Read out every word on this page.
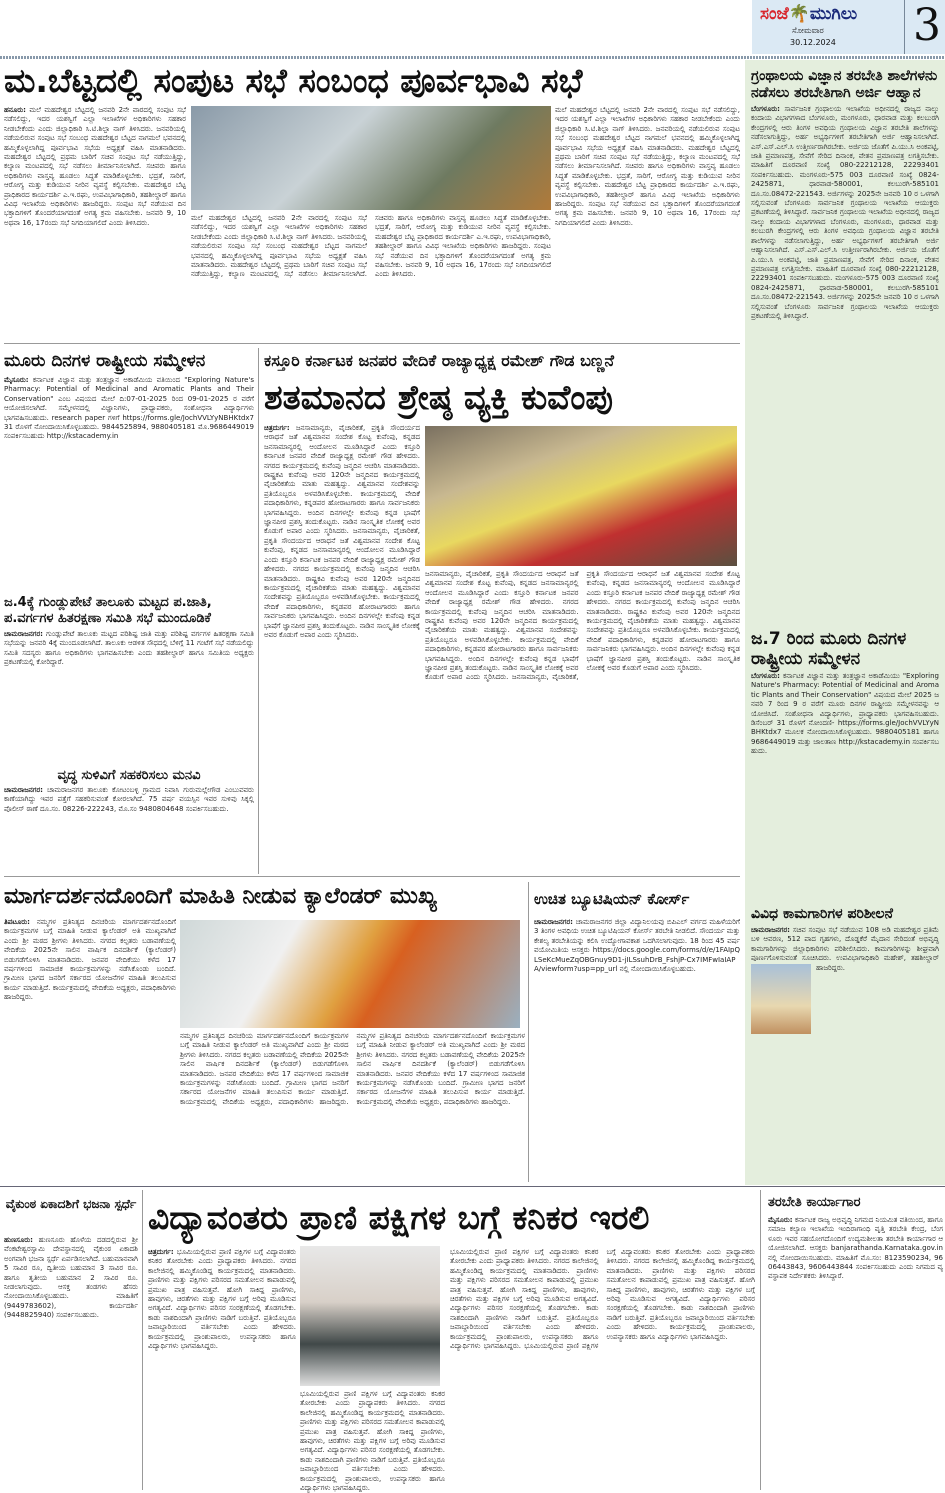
ಸಂಜೆ🌴ಮುಗಿಲು
ಸೋಮವಾರ
30.12.2024 3
ಮ.ಬೆಟ್ಟದಲ್ಲಿ ಸಂಪುಟ ಸಭೆ ಸಂಬಂಧ ಪೂರ್ವಭಾವಿ ಸಭೆ
ಹನೂರು: ಮಲೆ ಮಹದೇಶ್ವರ ಬೆಟ್ಟದಲ್ಲಿ ಜನವರಿ 2ನೇ ವಾರದಲ್ಲಿ ಸಂಪುಟ ಸಭೆ ನಡೆಸಲಿದ್ದು, ಇದರ ಯಶಸ್ವಿಗೆ ಎಲ್ಲಾ ಇಲಾಖೆಗಳ ಅಧಿಕಾರಿಗಳು ಸಹಕಾರ ನೀಡಬೇಕೆಂದು ಎಂದು ಜಿಲ್ಲಾಧಿಕಾರಿ ಸಿ.ಟಿ.ಶಿಲ್ಪಾ ನಾಗ್ ತಿಳಿಸಿದರು. ಜನವರಿಯಲ್ಲಿ ನಡೆಯಲಿರುವ ಸಂಪುಟ ಸಭೆ ಸಂಬಂಧ ಮಹದೇಶ್ವರ ಬೆಟ್ಟದ ನಾಗಮಲೆ ಭವನದಲ್ಲಿ ಹಮ್ಮಿಕೊಳ್ಳಲಾಗಿದ್ದ ಪೂರ್ವಭಾವಿ ಸಭೆಯ ಅಧ್ಯಕ್ಷತೆ ವಹಿಸಿ ಮಾತನಾಡಿದರು. ಮಹದೇಶ್ವರ ಬೆಟ್ಟದಲ್ಲಿ ಪ್ರಥಮ ಬಾರಿಗೆ ಸಚಿವ ಸಂಪುಟ ಸಭೆ ನಡೆಯುತ್ತಿದ್ದು, ಕಲ್ಯಾಣ ಮಂಟಪದಲ್ಲಿ ಸಭೆ ನಡೆಸಲು ತೀರ್ಮಾನಿಸಲಾಗಿದೆ. ಸಚಿವರು ಹಾಗೂ ಅಧಿಕಾರಿಗಳು ವಾಸ್ತವ್ಯ ಹೂಡಲು ಸಿದ್ಧತೆ ಮಾಡಿಕೊಳ್ಳಬೇಕು. ಭದ್ರತೆ, ಸಾರಿಗೆ, ಆರೋಗ್ಯ ಮತ್ತು ಕುಡಿಯುವ ನೀರಿನ ವ್ಯವಸ್ಥೆ ಕಲ್ಪಿಸಬೇಕು. ಮಹದೇಶ್ವರ ಬೆಟ್ಟ ಪ್ರಾಧಿಕಾರದ ಕಾರ್ಯದರ್ಶಿ ಎ.ಇ.ರಘು, ಉಪವಿಭಾಗಾಧಿಕಾರಿ, ತಹಶೀಲ್ದಾರ್ ಹಾಗೂ ವಿವಿಧ ಇಲಾಖೆಯ ಅಧಿಕಾರಿಗಳು ಹಾಜರಿದ್ದರು. ಸಂಪುಟ ಸಭೆ ನಡೆಯುವ ದಿನ ಭಕ್ತಾದಿಗಳಿಗೆ ತೊಂದರೆಯಾಗದಂತೆ ಅಗತ್ಯ ಕ್ರಮ ವಹಿಸಬೇಕು. ಜನವರಿ 9, 10 ಅಥವಾ 16, 17ರಂದು ಸಭೆ ನಿಗದಿಯಾಗಲಿದೆ ಎಂದು ತಿಳಿಸಿದರು.
ಮಲೆ ಮಹದೇಶ್ವರ ಬೆಟ್ಟದಲ್ಲಿ ಜನವರಿ 2ನೇ ವಾರದಲ್ಲಿ ಸಂಪುಟ ಸಭೆ ನಡೆಸಲಿದ್ದು, ಇದರ ಯಶಸ್ವಿಗೆ ಎಲ್ಲಾ ಇಲಾಖೆಗಳ ಅಧಿಕಾರಿಗಳು ಸಹಕಾರ ನೀಡಬೇಕೆಂದು ಎಂದು ಜಿಲ್ಲಾಧಿಕಾರಿ ಸಿ.ಟಿ.ಶಿಲ್ಪಾ ನಾಗ್ ತಿಳಿಸಿದರು. ಜನವರಿಯಲ್ಲಿ ನಡೆಯಲಿರುವ ಸಂಪುಟ ಸಭೆ ಸಂಬಂಧ ಮಹದೇಶ್ವರ ಬೆಟ್ಟದ ನಾಗಮಲೆ ಭವನದಲ್ಲಿ ಹಮ್ಮಿಕೊಳ್ಳಲಾಗಿದ್ದ ಪೂರ್ವಭಾವಿ ಸಭೆಯ ಅಧ್ಯಕ್ಷತೆ ವಹಿಸಿ ಮಾತನಾಡಿದರು. ಮಹದೇಶ್ವರ ಬೆಟ್ಟದಲ್ಲಿ ಪ್ರಥಮ ಬಾರಿಗೆ ಸಚಿವ ಸಂಪುಟ ಸಭೆ ನಡೆಯುತ್ತಿದ್ದು, ಕಲ್ಯಾಣ ಮಂಟಪದಲ್ಲಿ ಸಭೆ ನಡೆಸಲು ತೀರ್ಮಾನಿಸಲಾಗಿದೆ. ಸಚಿವರು ಹಾಗೂ ಅಧಿಕಾರಿಗಳು ವಾಸ್ತವ್ಯ ಹೂಡಲು ಸಿದ್ಧತೆ ಮಾಡಿಕೊಳ್ಳಬೇಕು. ಭದ್ರತೆ, ಸಾರಿಗೆ, ಆರೋಗ್ಯ ಮತ್ತು ಕುಡಿಯುವ ನೀರಿನ ವ್ಯವಸ್ಥೆ ಕಲ್ಪಿಸಬೇಕು. ಮಹದೇಶ್ವರ ಬೆಟ್ಟ ಪ್ರಾಧಿಕಾರದ ಕಾರ್ಯದರ್ಶಿ ಎ.ಇ.ರಘು, ಉಪವಿಭಾಗಾಧಿಕಾರಿ, ತಹಶೀಲ್ದಾರ್ ಹಾಗೂ ವಿವಿಧ ಇಲಾಖೆಯ ಅಧಿಕಾರಿಗಳು ಹಾಜರಿದ್ದರು. ಸಂಪುಟ ಸಭೆ ನಡೆಯುವ ದಿನ ಭಕ್ತಾದಿಗಳಿಗೆ ತೊಂದರೆಯಾಗದಂತೆ ಅಗತ್ಯ ಕ್ರಮ ವಹಿಸಬೇಕು. ಜನವರಿ 9, 10 ಅಥವಾ 16, 17ರಂದು ಸಭೆ ನಿಗದಿಯಾಗಲಿದೆ ಎಂದು ತಿಳಿಸಿದರು.
ಮಲೆ ಮಹದೇಶ್ವರ ಬೆಟ್ಟದಲ್ಲಿ ಜನವರಿ 2ನೇ ವಾರದಲ್ಲಿ ಸಂಪುಟ ಸಭೆ ನಡೆಸಲಿದ್ದು, ಇದರ ಯಶಸ್ವಿಗೆ ಎಲ್ಲಾ ಇಲಾಖೆಗಳ ಅಧಿಕಾರಿಗಳು ಸಹಕಾರ ನೀಡಬೇಕೆಂದು ಎಂದು ಜಿಲ್ಲಾಧಿಕಾರಿ ಸಿ.ಟಿ.ಶಿಲ್ಪಾ ನಾಗ್ ತಿಳಿಸಿದರು. ಜನವರಿಯಲ್ಲಿ ನಡೆಯಲಿರುವ ಸಂಪುಟ ಸಭೆ ಸಂಬಂಧ ಮಹದೇಶ್ವರ ಬೆಟ್ಟದ ನಾಗಮಲೆ ಭವನದಲ್ಲಿ ಹಮ್ಮಿಕೊಳ್ಳಲಾಗಿದ್ದ ಪೂರ್ವಭಾವಿ ಸಭೆಯ ಅಧ್ಯಕ್ಷತೆ ವಹಿಸಿ ಮಾತನಾಡಿದರು. ಮಹದೇಶ್ವರ ಬೆಟ್ಟದಲ್ಲಿ ಪ್ರಥಮ ಬಾರಿಗೆ ಸಚಿವ ಸಂಪುಟ ಸಭೆ ನಡೆಯುತ್ತಿದ್ದು, ಕಲ್ಯಾಣ ಮಂಟಪದಲ್ಲಿ ಸಭೆ ನಡೆಸಲು ತೀರ್ಮಾನಿಸಲಾಗಿದೆ. ಸಚಿವರು ಹಾಗೂ ಅಧಿಕಾರಿಗಳು ವಾಸ್ತವ್ಯ ಹೂಡಲು ಸಿದ್ಧತೆ ಮಾಡಿಕೊಳ್ಳಬೇಕು. ಭದ್ರತೆ, ಸಾರಿಗೆ, ಆರೋಗ್ಯ ಮತ್ತು ಕುಡಿಯುವ ನೀರಿನ ವ್ಯವಸ್ಥೆ ಕಲ್ಪಿಸಬೇಕು. ಮಹದೇಶ್ವರ ಬೆಟ್ಟ ಪ್ರಾಧಿಕಾರದ ಕಾರ್ಯದರ್ಶಿ ಎ.ಇ.ರಘು, ಉಪವಿಭಾಗಾಧಿಕಾರಿ, ತಹಶೀಲ್ದಾರ್ ಹಾಗೂ ವಿವಿಧ ಇಲಾಖೆಯ ಅಧಿಕಾರಿಗಳು ಹಾಜರಿದ್ದರು. ಸಂಪುಟ ಸಭೆ ನಡೆಯುವ ದಿನ ಭಕ್ತಾದಿಗಳಿಗೆ ತೊಂದರೆಯಾಗದಂತೆ ಅಗತ್ಯ ಕ್ರಮ ವಹಿಸಬೇಕು. ಜನವರಿ 9, 10 ಅಥವಾ 16, 17ರಂದು ಸಭೆ ನಿಗದಿಯಾಗಲಿದೆ ಎಂದು ತಿಳಿಸಿದರು.
ಮೂರು ದಿನಗಳ ರಾಷ್ಟ್ರೀಯ ಸಮ್ಮೇಳನ
ಮೈಸೂರು: ಕರ್ನಾಟಕ ವಿಜ್ಞಾನ ಮತ್ತು ತಂತ್ರಜ್ಞಾನ ಅಕಾಡೆಮಿಯ ವತಿಯಿಂದ "Exploring Nature's Pharmacy: Potential of Medicinal and Aromatic Plants and Their Conservation" ಎಂಬ ವಿಷಯದ ಮೇಲೆ ದಿ:07-01-2025 ರಿಂದ 09-01-2025 ರ ವರೆಗೆ ಆಯೋಜಿಸಲಾಗಿದೆ. ಸಮ್ಮೇಳನದಲ್ಲಿ ವಿಜ್ಞಾನಿಗಳು, ಪ್ರಾಧ್ಯಾಪಕರು, ಸಂಶೋಧನಾ ವಿದ್ಯಾರ್ಥಿಗಳು ಭಾಗವಹಿಸಬಹುದು. research paper ಗಳಿಗೆ https://forms.gle/JochVVLYyNBHKtdx7 31 ರೊಳಗೆ ನೋಂದಾಯಿಸಿಕೊಳ್ಳಬಹುದು. 9844525894, 9880405181 ಮೊ.9686449019 ಸಂಪರ್ಕಿಸಬಹುದು http://kstacademy.in
ಜ.4ಕ್ಕೆ ಗುಂಡ್ಲುಪೇಟೆ ತಾಲೂಕು ಮಟ್ಟದ ಪ.ಜಾತಿ, ಪ.ವರ್ಗಗಳ ಹಿತರಕ್ಷಣಾ ಸಮಿತಿ ಸಭೆ ಮುಂದೂಡಿಕೆ
ಚಾಮರಾಜನಗರ: ಗುಂಡ್ಲುಪೇಟೆ ತಾಲೂಕು ಮಟ್ಟದ ಪರಿಶಿಷ್ಟ ಜಾತಿ ಮತ್ತು ಪರಿಶಿಷ್ಟ ವರ್ಗಗಳ ಹಿತರಕ್ಷಣಾ ಸಮಿತಿ ಸಭೆಯನ್ನು ಜನವರಿ 4ಕ್ಕೆ ಮುಂದೂಡಲಾಗಿದೆ. ತಾಲೂಕು ಆಡಳಿತ ಸೌಧದಲ್ಲಿ ಬೆಳಿಗ್ಗೆ 11 ಗಂಟೆಗೆ ಸಭೆ ನಡೆಯಲಿದ್ದು ಸಮಿತಿ ಸದಸ್ಯರು ಹಾಗೂ ಅಧಿಕಾರಿಗಳು ಭಾಗವಹಿಸಬೇಕು ಎಂದು ತಹಶೀಲ್ದಾರ್ ಹಾಗೂ ಸಮಿತಿಯ ಅಧ್ಯಕ್ಷರು ಪ್ರಕಟಣೆಯಲ್ಲಿ ಕೋರಿದ್ದಾರೆ.
ವೃದ್ಧ ಸುಳಿವಿಗೆ ಸಹಕರಿಸಲು ಮನವಿ
ಚಾಮರಾಜನಗರ: ಚಾಮರಾಜನಗರ ತಾಲೂಕು ಕೋಟಂಬಳ್ಳಿ ಗ್ರಾಮದ ನಿವಾಸಿ ಗುರುಮಲ್ಲೇಗೌಡ ಎಂಬುವವರು ಕಾಣೆಯಾಗಿದ್ದು ಇವರ ಪತ್ತೆಗೆ ಸಹಕರಿಸುವಂತೆ ಕೋರಲಾಗಿದೆ. 75 ವರ್ಷ ವಯಸ್ಸಿನ ಇವರ ಸುಳಿವು ಸಿಕ್ಕಲ್ಲಿ ಪೊಲೀಸ್ ಠಾಣೆ ದೂ.ಸಂ. 08226-222243, ಮೊ.ಸಂ 9480804648 ಸಂಪರ್ಕಿಸಬಹುದು.
ಕಸ್ತೂರಿ ಕರ್ನಾಟಕ ಜನಪರ ವೇದಿಕೆ ರಾಜ್ಯಾಧ್ಯಕ್ಷ ರಮೇಶ್ ಗೌಡ ಬಣ್ಣನೆ
ಶತಮಾನದ ಶ್ರೇಷ್ಠ ವ್ಯಕ್ತಿ ಕುವೆಂಪು
ಚಿತ್ರದುರ್ಗ: ಜನಸಾಮಾನ್ಯರು, ವೈಚಾರಿಕತೆ, ಪ್ರಕೃತಿ ಸೌಂದರ್ಯದ ಆರಾಧನೆ ಜತೆ ವಿಶ್ವಮಾನವ ಸಂದೇಶ ಕೊಟ್ಟ ಕುವೆಂಪು, ಕನ್ನಡದ ಜನಸಾಮಾನ್ಯರಲ್ಲಿ ಆಂದೋಲನ ಮೂಡಿಸಿದ್ದಾರೆ ಎಂದು ಕಸ್ತೂರಿ ಕರ್ನಾಟಕ ಜನಪರ ವೇದಿಕೆ ರಾಜ್ಯಾಧ್ಯಕ್ಷ ರಮೇಶ್ ಗೌಡ ಹೇಳಿದರು. ನಗರದ ಕಾರ್ಯಕ್ರಮದಲ್ಲಿ ಕುವೆಂಪು ಜನ್ಮದಿನ ಆಚರಿಸಿ ಮಾತನಾಡಿದರು. ರಾಷ್ಟ್ರಕವಿ ಕುವೆಂಪು ಅವರ 120ನೇ ಜನ್ಮದಿನದ ಕಾರ್ಯಕ್ರಮದಲ್ಲಿ ವೈಚಾರಿಕತೆಯ ಮಾತು ಮಹತ್ವದ್ದು. ವಿಶ್ವಮಾನವ ಸಂದೇಶವನ್ನು ಪ್ರತಿಯೊಬ್ಬರೂ ಅಳವಡಿಸಿಕೊಳ್ಳಬೇಕು. ಕಾರ್ಯಕ್ರಮದಲ್ಲಿ ವೇದಿಕೆ ಪದಾಧಿಕಾರಿಗಳು, ಕನ್ನಡಪರ ಹೋರಾಟಗಾರರು ಹಾಗೂ ಸಾರ್ವಜನಿಕರು ಭಾಗವಹಿಸಿದ್ದರು. ಅಂದಿನ ದಿನಗಳಲ್ಲೇ ಕುವೆಂಪು ಕನ್ನಡ ಭಾಷೆಗೆ ಜ್ಞಾನಪೀಠ ಪ್ರಶಸ್ತಿ ತಂದುಕೊಟ್ಟರು. ನಾಡಿನ ಸಾಂಸ್ಕೃತಿಕ ಲೋಕಕ್ಕೆ ಅವರ ಕೊಡುಗೆ ಅಪಾರ ಎಂದು ಸ್ಮರಿಸಿದರು. ಜನಸಾಮಾನ್ಯರು, ವೈಚಾರಿಕತೆ, ಪ್ರಕೃತಿ ಸೌಂದರ್ಯದ ಆರಾಧನೆ ಜತೆ ವಿಶ್ವಮಾನವ ಸಂದೇಶ ಕೊಟ್ಟ ಕುವೆಂಪು, ಕನ್ನಡದ ಜನಸಾಮಾನ್ಯರಲ್ಲಿ ಆಂದೋಲನ ಮೂಡಿಸಿದ್ದಾರೆ ಎಂದು ಕಸ್ತೂರಿ ಕರ್ನಾಟಕ ಜನಪರ ವೇದಿಕೆ ರಾಜ್ಯಾಧ್ಯಕ್ಷ ರಮೇಶ್ ಗೌಡ ಹೇಳಿದರು. ನಗರದ ಕಾರ್ಯಕ್ರಮದಲ್ಲಿ ಕುವೆಂಪು ಜನ್ಮದಿನ ಆಚರಿಸಿ ಮಾತನಾಡಿದರು. ರಾಷ್ಟ್ರಕವಿ ಕುವೆಂಪು ಅವರ 120ನೇ ಜನ್ಮದಿನದ ಕಾರ್ಯಕ್ರಮದಲ್ಲಿ ವೈಚಾರಿಕತೆಯ ಮಾತು ಮಹತ್ವದ್ದು. ವಿಶ್ವಮಾನವ ಸಂದೇಶವನ್ನು ಪ್ರತಿಯೊಬ್ಬರೂ ಅಳವಡಿಸಿಕೊಳ್ಳಬೇಕು. ಕಾರ್ಯಕ್ರಮದಲ್ಲಿ ವೇದಿಕೆ ಪದಾಧಿಕಾರಿಗಳು, ಕನ್ನಡಪರ ಹೋರಾಟಗಾರರು ಹಾಗೂ ಸಾರ್ವಜನಿಕರು ಭಾಗವಹಿಸಿದ್ದರು. ಅಂದಿನ ದಿನಗಳಲ್ಲೇ ಕುವೆಂಪು ಕನ್ನಡ ಭಾಷೆಗೆ ಜ್ಞಾನಪೀಠ ಪ್ರಶಸ್ತಿ ತಂದುಕೊಟ್ಟರು. ನಾಡಿನ ಸಾಂಸ್ಕೃತಿಕ ಲೋಕಕ್ಕೆ ಅವರ ಕೊಡುಗೆ ಅಪಾರ ಎಂದು ಸ್ಮರಿಸಿದರು.
ಜನಸಾಮಾನ್ಯರು, ವೈಚಾರಿಕತೆ, ಪ್ರಕೃತಿ ಸೌಂದರ್ಯದ ಆರಾಧನೆ ಜತೆ ವಿಶ್ವಮಾನವ ಸಂದೇಶ ಕೊಟ್ಟ ಕುವೆಂಪು, ಕನ್ನಡದ ಜನಸಾಮಾನ್ಯರಲ್ಲಿ ಆಂದೋಲನ ಮೂಡಿಸಿದ್ದಾರೆ ಎಂದು ಕಸ್ತೂರಿ ಕರ್ನಾಟಕ ಜನಪರ ವೇದಿಕೆ ರಾಜ್ಯಾಧ್ಯಕ್ಷ ರಮೇಶ್ ಗೌಡ ಹೇಳಿದರು. ನಗರದ ಕಾರ್ಯಕ್ರಮದಲ್ಲಿ ಕುವೆಂಪು ಜನ್ಮದಿನ ಆಚರಿಸಿ ಮಾತನಾಡಿದರು. ರಾಷ್ಟ್ರಕವಿ ಕುವೆಂಪು ಅವರ 120ನೇ ಜನ್ಮದಿನದ ಕಾರ್ಯಕ್ರಮದಲ್ಲಿ ವೈಚಾರಿಕತೆಯ ಮಾತು ಮಹತ್ವದ್ದು. ವಿಶ್ವಮಾನವ ಸಂದೇಶವನ್ನು ಪ್ರತಿಯೊಬ್ಬರೂ ಅಳವಡಿಸಿಕೊಳ್ಳಬೇಕು. ಕಾರ್ಯಕ್ರಮದಲ್ಲಿ ವೇದಿಕೆ ಪದಾಧಿಕಾರಿಗಳು, ಕನ್ನಡಪರ ಹೋರಾಟಗಾರರು ಹಾಗೂ ಸಾರ್ವಜನಿಕರು ಭಾಗವಹಿಸಿದ್ದರು. ಅಂದಿನ ದಿನಗಳಲ್ಲೇ ಕುವೆಂಪು ಕನ್ನಡ ಭಾಷೆಗೆ ಜ್ಞಾನಪೀಠ ಪ್ರಶಸ್ತಿ ತಂದುಕೊಟ್ಟರು. ನಾಡಿನ ಸಾಂಸ್ಕೃತಿಕ ಲೋಕಕ್ಕೆ ಅವರ ಕೊಡುಗೆ ಅಪಾರ ಎಂದು ಸ್ಮರಿಸಿದರು. ಜನಸಾಮಾನ್ಯರು, ವೈಚಾರಿಕತೆ, ಪ್ರಕೃತಿ ಸೌಂದರ್ಯದ ಆರಾಧನೆ ಜತೆ ವಿಶ್ವಮಾನವ ಸಂದೇಶ ಕೊಟ್ಟ ಕುವೆಂಪು, ಕನ್ನಡದ ಜನಸಾಮಾನ್ಯರಲ್ಲಿ ಆಂದೋಲನ ಮೂಡಿಸಿದ್ದಾರೆ ಎಂದು ಕಸ್ತೂರಿ ಕರ್ನಾಟಕ ಜನಪರ ವೇದಿಕೆ ರಾಜ್ಯಾಧ್ಯಕ್ಷ ರಮೇಶ್ ಗೌಡ ಹೇಳಿದರು. ನಗರದ ಕಾರ್ಯಕ್ರಮದಲ್ಲಿ ಕುವೆಂಪು ಜನ್ಮದಿನ ಆಚರಿಸಿ ಮಾತನಾಡಿದರು. ರಾಷ್ಟ್ರಕವಿ ಕುವೆಂಪು ಅವರ 120ನೇ ಜನ್ಮದಿನದ ಕಾರ್ಯಕ್ರಮದಲ್ಲಿ ವೈಚಾರಿಕತೆಯ ಮಾತು ಮಹತ್ವದ್ದು. ವಿಶ್ವಮಾನವ ಸಂದೇಶವನ್ನು ಪ್ರತಿಯೊಬ್ಬರೂ ಅಳವಡಿಸಿಕೊಳ್ಳಬೇಕು. ಕಾರ್ಯಕ್ರಮದಲ್ಲಿ ವೇದಿಕೆ ಪದಾಧಿಕಾರಿಗಳು, ಕನ್ನಡಪರ ಹೋರಾಟಗಾರರು ಹಾಗೂ ಸಾರ್ವಜನಿಕರು ಭಾಗವಹಿಸಿದ್ದರು. ಅಂದಿನ ದಿನಗಳಲ್ಲೇ ಕುವೆಂಪು ಕನ್ನಡ ಭಾಷೆಗೆ ಜ್ಞಾನಪೀಠ ಪ್ರಶಸ್ತಿ ತಂದುಕೊಟ್ಟರು. ನಾಡಿನ ಸಾಂಸ್ಕೃತಿಕ ಲೋಕಕ್ಕೆ ಅವರ ಕೊಡುಗೆ ಅಪಾರ ಎಂದು ಸ್ಮರಿಸಿದರು.
ಮಾರ್ಗದರ್ಶನದೊಂದಿಗೆ ಮಾಹಿತಿ ನೀಡುವ ಕ್ಯಾಲೆಂಡರ್ ಮುಖ್ಯ
ತಿಪಟೂರು: ನಮ್ಮಗಳ ಪ್ರತಿನಿತ್ಯದ ದಿನಚರಿಯ ಮಾರ್ಗದರ್ಶನದೊಂದಿಗೆ ಕಾರ್ಯಕ್ರಮಗಳ ಬಗ್ಗೆ ಮಾಹಿತಿ ನೀಡುವ ಕ್ಯಾಲೆಂಡರ್ ಅತಿ ಮುಖ್ಯವಾಗಿದೆ ಎಂದು ಶ್ರೀ ಮಠದ ಶ್ರೀಗಳು ತಿಳಿಸಿದರು. ನಗರದ ಕಲ್ಪತರು ಬಡಾವಣೆಯಲ್ಲಿ ವೇದಿಕೆಯ 2025ನೇ ಸಾಲಿನ ವಾರ್ಷಿಕ ದಿನದರ್ಶಿಕೆ (ಕ್ಯಾಲೆಂಡರ್) ಬಿಡುಗಡೆಗೊಳಿಸಿ ಮಾತನಾಡಿದರು. ಜನಪರ ವೇದಿಕೆಯು ಕಳೆದ 17 ವರ್ಷಗಳಿಂದ ಸಾಮಾಜಿಕ ಕಾರ್ಯಕ್ರಮಗಳನ್ನು ನಡೆಸಿಕೊಂಡು ಬಂದಿದೆ. ಗ್ರಾಮೀಣ ಭಾಗದ ಜನರಿಗೆ ಸರ್ಕಾರದ ಯೋಜನೆಗಳ ಮಾಹಿತಿ ತಲುಪಿಸುವ ಕಾರ್ಯ ಮಾಡುತ್ತಿದೆ. ಕಾರ್ಯಕ್ರಮದಲ್ಲಿ ವೇದಿಕೆಯ ಅಧ್ಯಕ್ಷರು, ಪದಾಧಿಕಾರಿಗಳು ಹಾಜರಿದ್ದರು.
ನಮ್ಮಗಳ ಪ್ರತಿನಿತ್ಯದ ದಿನಚರಿಯ ಮಾರ್ಗದರ್ಶನದೊಂದಿಗೆ ಕಾರ್ಯಕ್ರಮಗಳ ಬಗ್ಗೆ ಮಾಹಿತಿ ನೀಡುವ ಕ್ಯಾಲೆಂಡರ್ ಅತಿ ಮುಖ್ಯವಾಗಿದೆ ಎಂದು ಶ್ರೀ ಮಠದ ಶ್ರೀಗಳು ತಿಳಿಸಿದರು. ನಗರದ ಕಲ್ಪತರು ಬಡಾವಣೆಯಲ್ಲಿ ವೇದಿಕೆಯ 2025ನೇ ಸಾಲಿನ ವಾರ್ಷಿಕ ದಿನದರ್ಶಿಕೆ (ಕ್ಯಾಲೆಂಡರ್) ಬಿಡುಗಡೆಗೊಳಿಸಿ ಮಾತನಾಡಿದರು. ಜನಪರ ವೇದಿಕೆಯು ಕಳೆದ 17 ವರ್ಷಗಳಿಂದ ಸಾಮಾಜಿಕ ಕಾರ್ಯಕ್ರಮಗಳನ್ನು ನಡೆಸಿಕೊಂಡು ಬಂದಿದೆ. ಗ್ರಾಮೀಣ ಭಾಗದ ಜನರಿಗೆ ಸರ್ಕಾರದ ಯೋಜನೆಗಳ ಮಾಹಿತಿ ತಲುಪಿಸುವ ಕಾರ್ಯ ಮಾಡುತ್ತಿದೆ. ಕಾರ್ಯಕ್ರಮದಲ್ಲಿ ವೇದಿಕೆಯ ಅಧ್ಯಕ್ಷರು, ಪದಾಧಿಕಾರಿಗಳು ಹಾಜರಿದ್ದರು. ನಮ್ಮಗಳ ಪ್ರತಿನಿತ್ಯದ ದಿನಚರಿಯ ಮಾರ್ಗದರ್ಶನದೊಂದಿಗೆ ಕಾರ್ಯಕ್ರಮಗಳ ಬಗ್ಗೆ ಮಾಹಿತಿ ನೀಡುವ ಕ್ಯಾಲೆಂಡರ್ ಅತಿ ಮುಖ್ಯವಾಗಿದೆ ಎಂದು ಶ್ರೀ ಮಠದ ಶ್ರೀಗಳು ತಿಳಿಸಿದರು. ನಗರದ ಕಲ್ಪತರು ಬಡಾವಣೆಯಲ್ಲಿ ವೇದಿಕೆಯ 2025ನೇ ಸಾಲಿನ ವಾರ್ಷಿಕ ದಿನದರ್ಶಿಕೆ (ಕ್ಯಾಲೆಂಡರ್) ಬಿಡುಗಡೆಗೊಳಿಸಿ ಮಾತನಾಡಿದರು. ಜನಪರ ವೇದಿಕೆಯು ಕಳೆದ 17 ವರ್ಷಗಳಿಂದ ಸಾಮಾಜಿಕ ಕಾರ್ಯಕ್ರಮಗಳನ್ನು ನಡೆಸಿಕೊಂಡು ಬಂದಿದೆ. ಗ್ರಾಮೀಣ ಭಾಗದ ಜನರಿಗೆ ಸರ್ಕಾರದ ಯೋಜನೆಗಳ ಮಾಹಿತಿ ತಲುಪಿಸುವ ಕಾರ್ಯ ಮಾಡುತ್ತಿದೆ. ಕಾರ್ಯಕ್ರಮದಲ್ಲಿ ವೇದಿಕೆಯ ಅಧ್ಯಕ್ಷರು, ಪದಾಧಿಕಾರಿಗಳು ಹಾಜರಿದ್ದರು.
ಉಚಿತ ಬ್ಯೂಟಿಷಿಯನ್ ಕೋರ್ಸ್
ಚಾಮರಾಜನಗರ: ಚಾಮರಾಜನಗರ ಜಿಲ್ಲಾ ವಿದ್ಯಾನಿಲಯವು ಬಿಪಿಎಲ್ ವರ್ಗದ ಮಹಿಳೆಯರಿಗೆ 3 ತಿಂಗಳ ಅವಧಿಯ ಉಚಿತ ಬ್ಯೂಟಿಷಿಯನ್ ಕೋರ್ಸ್ ತರಬೇತಿ ನೀಡಲಿದೆ. ಸೌಂದರ್ಯ ಮತ್ತು ಕೇಶಲ್ಯ ತರಬೇತಿಯನ್ನು ಕಲಿಸಿ ಉದ್ಯೋಗಾವಕಾಶ ಒದಗಿಸಲಾಗುವುದು. 18 ರಿಂದ 45 ವರ್ಷ ವಯೋಮಿತಿಯ ಆಸಕ್ತರು https://docs.google.com/forms/d/e/1FAIpQLSeKcMueZqOBGnuy9D1-jILSsuhDrB_FshjP-Cx7IMFwIaIAPA/viewform?usp=pp_url ನಲ್ಲಿ ನೋಂದಾಯಿಸಿಕೊಳ್ಳಬಹುದು.
ಗ್ರಂಥಾಲಯ ವಿಜ್ಞಾನ ತರಬೇತಿ ಶಾಲೆಗಳನು ನಡೆಸಲು ತರಬೇತಿಗಾಗಿ ಅರ್ಜಿ ಆಹ್ವಾನ
ಬೆಂಗಳೂರು: ಸಾರ್ವಜನಿಕ ಗ್ರಂಥಾಲಯ ಇಲಾಖೆಯ ಅಧೀನದಲ್ಲಿ ರಾಜ್ಯದ ನಾಲ್ಕು ಕಂದಾಯ ವಿಭಾಗಗಳಾದ ಬೆಂಗಳೂರು, ಮಂಗಳೂರು, ಧಾರವಾಡ ಮತ್ತು ಕಲಬುರಗಿ ಕೇಂದ್ರಗಳಲ್ಲಿ ಆರು ತಿಂಗಳ ಅವಧಿಯ ಗ್ರಂಥಾಲಯ ವಿಜ್ಞಾನ ತರಬೇತಿ ಶಾಲೆಗಳನ್ನು ನಡೆಸಲಾಗುತ್ತಿದ್ದು, ಅರ್ಹ ಅಭ್ಯರ್ಥಿಗಳಿಗೆ ತರಬೇತಿಗಾಗಿ ಅರ್ಜಿ ಆಹ್ವಾನಿಸಲಾಗಿದೆ. ಎಸ್.ಎಸ್.ಎಲ್.ಸಿ ಉತ್ತೀರ್ಣರಾಗಿರಬೇಕು. ಅರ್ಜಿಯ ಜೊತೆಗೆ ಪಿ.ಯು.ಸಿ ಅಂಕಪಟ್ಟಿ, ಜಾತಿ ಪ್ರಮಾಣಪತ್ರ, ಸೇವೆಗೆ ಸೇರಿದ ದಿನಾಂಕ, ವೇತನ ಪ್ರಮಾಣಪತ್ರ ಲಗತ್ತಿಸಬೇಕು. ಮಾಹಿತಿಗೆ ದೂರವಾಣಿ ಸಂಖ್ಯೆ 080-22212128, 22293401 ಸಂಪರ್ಕಿಸಬಹುದು. ಮಂಗಳೂರು-575 003 ದೂರವಾಣಿ ಸಂಖ್ಯೆ 0824-2425871, ಧಾರವಾಡ-580001, ಕಲಬುರಗಿ-585101 ದೂ.ಸಂ.08472-221543. ಅರ್ಜಿಗಳನ್ನು 2025ನೇ ಜನವರಿ 10 ರ ಒಳಗಾಗಿ ಸಲ್ಲಿಸುವಂತೆ ಬೆಂಗಳೂರು ಸಾರ್ವಜನಿಕ ಗ್ರಂಥಾಲಯ ಇಲಾಖೆಯ ಆಯುಕ್ತರು ಪ್ರಕಟಣೆಯಲ್ಲಿ ತಿಳಿಸಿದ್ದಾರೆ. ಸಾರ್ವಜನಿಕ ಗ್ರಂಥಾಲಯ ಇಲಾಖೆಯ ಅಧೀನದಲ್ಲಿ ರಾಜ್ಯದ ನಾಲ್ಕು ಕಂದಾಯ ವಿಭಾಗಗಳಾದ ಬೆಂಗಳೂರು, ಮಂಗಳೂರು, ಧಾರವಾಡ ಮತ್ತು ಕಲಬುರಗಿ ಕೇಂದ್ರಗಳಲ್ಲಿ ಆರು ತಿಂಗಳ ಅವಧಿಯ ಗ್ರಂಥಾಲಯ ವಿಜ್ಞಾನ ತರಬೇತಿ ಶಾಲೆಗಳನ್ನು ನಡೆಸಲಾಗುತ್ತಿದ್ದು, ಅರ್ಹ ಅಭ್ಯರ್ಥಿಗಳಿಗೆ ತರಬೇತಿಗಾಗಿ ಅರ್ಜಿ ಆಹ್ವಾನಿಸಲಾಗಿದೆ. ಎಸ್.ಎಸ್.ಎಲ್.ಸಿ ಉತ್ತೀರ್ಣರಾಗಿರಬೇಕು. ಅರ್ಜಿಯ ಜೊತೆಗೆ ಪಿ.ಯು.ಸಿ ಅಂಕಪಟ್ಟಿ, ಜಾತಿ ಪ್ರಮಾಣಪತ್ರ, ಸೇವೆಗೆ ಸೇರಿದ ದಿನಾಂಕ, ವೇತನ ಪ್ರಮಾಣಪತ್ರ ಲಗತ್ತಿಸಬೇಕು. ಮಾಹಿತಿಗೆ ದೂರವಾಣಿ ಸಂಖ್ಯೆ 080-22212128, 22293401 ಸಂಪರ್ಕಿಸಬಹುದು. ಮಂಗಳೂರು-575 003 ದೂರವಾಣಿ ಸಂಖ್ಯೆ 0824-2425871, ಧಾರವಾಡ-580001, ಕಲಬುರಗಿ-585101 ದೂ.ಸಂ.08472-221543. ಅರ್ಜಿಗಳನ್ನು 2025ನೇ ಜನವರಿ 10 ರ ಒಳಗಾಗಿ ಸಲ್ಲಿಸುವಂತೆ ಬೆಂಗಳೂರು ಸಾರ್ವಜನಿಕ ಗ್ರಂಥಾಲಯ ಇಲಾಖೆಯ ಆಯುಕ್ತರು ಪ್ರಕಟಣೆಯಲ್ಲಿ ತಿಳಿಸಿದ್ದಾರೆ.
ಜ.7 ರಿಂದ ಮೂರು ದಿನಗಳ ರಾಷ್ಟ್ರೀಯ ಸಮ್ಮೇಳನ
ಬೆಂಗಳೂರು: ಕರ್ನಾಟಕ ವಿಜ್ಞಾನ ಮತ್ತು ತಂತ್ರಜ್ಞಾನ ಅಕಾಡೆಮಿಯು "Exploring Nature's Pharmacy: Potential of Medicinal and Aromatic Plants and Their Conservation" ವಿಷಯದ ಮೇಲೆ 2025 ಜನವರಿ 7 ರಿಂದ 9 ರ ವರೆಗೆ ಮೂರು ದಿನಗಳ ರಾಷ್ಟ್ರೀಯ ಸಮ್ಮೇಳನವನ್ನು ಆಯೋಜಿಸಿದೆ. ಸಂಶೋಧನಾ ವಿದ್ಯಾರ್ಥಿಗಳು, ಪ್ರಾಧ್ಯಾಪಕರು ಭಾಗವಹಿಸಬಹುದು. ಡಿಸೆಂಬರ್ 31 ರೊಳಗೆ ನೋಂದಣಿ- https://forms.gle/JochVVLYyNBHKtdx7 ಮೂಲಕ ನೋಂದಾಯಿಸಿಕೊಳ್ಳಬಹುದು. 9880405181 ಹಾಗೂ 9686449019 ಮತ್ತು ಜಾಲತಾಣ http://kstacademy.in ಸಂಪರ್ಕಿಸಬಹುದು.
ವಿವಿಧ ಕಾಮಗಾರಿಗಳ ಪರಿಶೀಲನೆ
ಚಾಮರಾಜನಗರ: ಸಚಿವ ಸಂಪುಟ ಸಭೆ ನಡೆಯುವ 108 ಅಡಿ ಮಹದೇಶ್ವರ ಪ್ರತಿಮೆ ಬಳಿ ಆವರಣ, 512 ಪಾದ ಗೃಹಗಳು, ದೊಡ್ಡಕೆರೆ ಮೈದಾನ ಸೇರಿದಂತೆ ಅಭಿವೃದ್ಧಿ ಕಾಮಗಾರಿಗಳನ್ನು ಜಿಲ್ಲಾಧಿಕಾರಿಗಳು ಪರಿಶೀಲಿಸಿದರು. ಕಾಮಗಾರಿಗಳನ್ನು ಶೀಘ್ರವಾಗಿ ಪೂರ್ಣಗೊಳಿಸುವಂತೆ ಸೂಚಿಸಿದರು. ಉಪವಿಭಾಗಾಧಿಕಾರಿ ಮಹೇಶ್, ತಹಶೀಲ್ದಾರ್ ಹಾಜರಿದ್ದರು.
ವೈಕುಂಠ ಏಕಾದಶಿಗೆ ಭಜನಾ ಸ್ಪರ್ಧೆ
ಹುಣಸೂರು: ಹುಣಸೂರು ಹೊಳೆಯ ದಡದಲ್ಲಿರುವ ಶ್ರೀ ವೆಂಕಟೇಶ್ವರಸ್ವಾಮಿ ದೇವಸ್ಥಾನದಲ್ಲಿ ವೈಕುಂಠ ಏಕಾದಶಿ ಅಂಗವಾಗಿ ಭಜನಾ ಸ್ಪರ್ಧೆ ಏರ್ಪಡಿಸಲಾಗಿದೆ. ಬಹುಮಾನವಾಗಿ 5 ಸಾವಿರ ರೂ, ದ್ವಿತೀಯ ಬಹುಮಾನ 3 ಸಾವಿರ ರೂ. ಹಾಗೂ ತೃತೀಯ ಬಹುಮಾನ 2 ಸಾವಿರ ರೂ. ನೀಡಲಾಗುವುದು. ಆಸಕ್ತ ತಂಡಗಳು ಹೆಸರು ನೋಂದಾಯಿಸಿಕೊಳ್ಳಬಹುದು. ಮಾಹಿತಿಗೆ (9449783602), ಕಾರ್ಯದರ್ಶಿ (9448825940) ಸಂಪರ್ಕಿಸಬಹುದು.
ವಿದ್ಯಾವಂತರು ಪ್ರಾಣಿ ಪಕ್ಷಿಗಳ ಬಗ್ಗೆ ಕನಿಕರ ಇರಲಿ
ಚಿತ್ರದುರ್ಗ: ಭೂಮಿಯಲ್ಲಿರುವ ಪ್ರಾಣಿ ಪಕ್ಷಿಗಳ ಬಗ್ಗೆ ವಿದ್ಯಾವಂತರು ಕನಿಕರ ತೋರಬೇಕು ಎಂದು ಪ್ರಾಧ್ಯಾಪಕರು ತಿಳಿಸಿದರು. ನಗರದ ಕಾಲೇಜಿನಲ್ಲಿ ಹಮ್ಮಿಕೊಂಡಿದ್ದ ಕಾರ್ಯಕ್ರಮದಲ್ಲಿ ಮಾತನಾಡಿದರು. ಪ್ರಾಣಿಗಳು ಮತ್ತು ಪಕ್ಷಿಗಳು ಪರಿಸರದ ಸಮತೋಲನ ಕಾಪಾಡುವಲ್ಲಿ ಪ್ರಮುಖ ಪಾತ್ರ ವಹಿಸುತ್ತವೆ. ಹೋಗಿ ಸಾಕಿದ್ದ ಪ್ರಾಣಿಗಳು, ಹಾವುಗಳು, ಚಿರತೆಗಳು ಮತ್ತು ಪಕ್ಷಿಗಳ ಬಗ್ಗೆ ಅರಿವು ಮೂಡಿಸುವ ಅಗತ್ಯವಿದೆ. ವಿದ್ಯಾರ್ಥಿಗಳು ಪರಿಸರ ಸಂರಕ್ಷಣೆಯಲ್ಲಿ ತೊಡಗಬೇಕು. ಕಾಡು ನಾಶದಿಂದಾಗಿ ಪ್ರಾಣಿಗಳು ನಾಡಿಗೆ ಬರುತ್ತಿವೆ. ಪ್ರತಿಯೊಬ್ಬರೂ ಜವಾಬ್ದಾರಿಯಿಂದ ವರ್ತಿಸಬೇಕು ಎಂದು ಹೇಳಿದರು. ಕಾರ್ಯಕ್ರಮದಲ್ಲಿ ಪ್ರಾಂಶುಪಾಲರು, ಉಪನ್ಯಾಸಕರು ಹಾಗೂ ವಿದ್ಯಾರ್ಥಿಗಳು ಭಾಗವಹಿಸಿದ್ದರು.
ಭೂಮಿಯಲ್ಲಿರುವ ಪ್ರಾಣಿ ಪಕ್ಷಿಗಳ ಬಗ್ಗೆ ವಿದ್ಯಾವಂತರು ಕನಿಕರ ತೋರಬೇಕು ಎಂದು ಪ್ರಾಧ್ಯಾಪಕರು ತಿಳಿಸಿದರು. ನಗರದ ಕಾಲೇಜಿನಲ್ಲಿ ಹಮ್ಮಿಕೊಂಡಿದ್ದ ಕಾರ್ಯಕ್ರಮದಲ್ಲಿ ಮಾತನಾಡಿದರು. ಪ್ರಾಣಿಗಳು ಮತ್ತು ಪಕ್ಷಿಗಳು ಪರಿಸರದ ಸಮತೋಲನ ಕಾಪಾಡುವಲ್ಲಿ ಪ್ರಮುಖ ಪಾತ್ರ ವಹಿಸುತ್ತವೆ. ಹೋಗಿ ಸಾಕಿದ್ದ ಪ್ರಾಣಿಗಳು, ಹಾವುಗಳು, ಚಿರತೆಗಳು ಮತ್ತು ಪಕ್ಷಿಗಳ ಬಗ್ಗೆ ಅರಿವು ಮೂಡಿಸುವ ಅಗತ್ಯವಿದೆ. ವಿದ್ಯಾರ್ಥಿಗಳು ಪರಿಸರ ಸಂರಕ್ಷಣೆಯಲ್ಲಿ ತೊಡಗಬೇಕು. ಕಾಡು ನಾಶದಿಂದಾಗಿ ಪ್ರಾಣಿಗಳು ನಾಡಿಗೆ ಬರುತ್ತಿವೆ. ಪ್ರತಿಯೊಬ್ಬರೂ ಜವಾಬ್ದಾರಿಯಿಂದ ವರ್ತಿಸಬೇಕು ಎಂದು ಹೇಳಿದರು. ಕಾರ್ಯಕ್ರಮದಲ್ಲಿ ಪ್ರಾಂಶುಪಾಲರು, ಉಪನ್ಯಾಸಕರು ಹಾಗೂ ವಿದ್ಯಾರ್ಥಿಗಳು ಭಾಗವಹಿಸಿದ್ದರು.
ಭೂಮಿಯಲ್ಲಿರುವ ಪ್ರಾಣಿ ಪಕ್ಷಿಗಳ ಬಗ್ಗೆ ವಿದ್ಯಾವಂತರು ಕನಿಕರ ತೋರಬೇಕು ಎಂದು ಪ್ರಾಧ್ಯಾಪಕರು ತಿಳಿಸಿದರು. ನಗರದ ಕಾಲೇಜಿನಲ್ಲಿ ಹಮ್ಮಿಕೊಂಡಿದ್ದ ಕಾರ್ಯಕ್ರಮದಲ್ಲಿ ಮಾತನಾಡಿದರು. ಪ್ರಾಣಿಗಳು ಮತ್ತು ಪಕ್ಷಿಗಳು ಪರಿಸರದ ಸಮತೋಲನ ಕಾಪಾಡುವಲ್ಲಿ ಪ್ರಮುಖ ಪಾತ್ರ ವಹಿಸುತ್ತವೆ. ಹೋಗಿ ಸಾಕಿದ್ದ ಪ್ರಾಣಿಗಳು, ಹಾವುಗಳು, ಚಿರತೆಗಳು ಮತ್ತು ಪಕ್ಷಿಗಳ ಬಗ್ಗೆ ಅರಿವು ಮೂಡಿಸುವ ಅಗತ್ಯವಿದೆ. ವಿದ್ಯಾರ್ಥಿಗಳು ಪರಿಸರ ಸಂರಕ್ಷಣೆಯಲ್ಲಿ ತೊಡಗಬೇಕು. ಕಾಡು ನಾಶದಿಂದಾಗಿ ಪ್ರಾಣಿಗಳು ನಾಡಿಗೆ ಬರುತ್ತಿವೆ. ಪ್ರತಿಯೊಬ್ಬರೂ ಜವಾಬ್ದಾರಿಯಿಂದ ವರ್ತಿಸಬೇಕು ಎಂದು ಹೇಳಿದರು. ಕಾರ್ಯಕ್ರಮದಲ್ಲಿ ಪ್ರಾಂಶುಪಾಲರು, ಉಪನ್ಯಾಸಕರು ಹಾಗೂ ವಿದ್ಯಾರ್ಥಿಗಳು ಭಾಗವಹಿಸಿದ್ದರು. ಭೂಮಿಯಲ್ಲಿರುವ ಪ್ರಾಣಿ ಪಕ್ಷಿಗಳ ಬಗ್ಗೆ ವಿದ್ಯಾವಂತರು ಕನಿಕರ ತೋರಬೇಕು ಎಂದು ಪ್ರಾಧ್ಯಾಪಕರು ತಿಳಿಸಿದರು. ನಗರದ ಕಾಲೇಜಿನಲ್ಲಿ ಹಮ್ಮಿಕೊಂಡಿದ್ದ ಕಾರ್ಯಕ್ರಮದಲ್ಲಿ ಮಾತನಾಡಿದರು. ಪ್ರಾಣಿಗಳು ಮತ್ತು ಪಕ್ಷಿಗಳು ಪರಿಸರದ ಸಮತೋಲನ ಕಾಪಾಡುವಲ್ಲಿ ಪ್ರಮುಖ ಪಾತ್ರ ವಹಿಸುತ್ತವೆ. ಹೋಗಿ ಸಾಕಿದ್ದ ಪ್ರಾಣಿಗಳು, ಹಾವುಗಳು, ಚಿರತೆಗಳು ಮತ್ತು ಪಕ್ಷಿಗಳ ಬಗ್ಗೆ ಅರಿವು ಮೂಡಿಸುವ ಅಗತ್ಯವಿದೆ. ವಿದ್ಯಾರ್ಥಿಗಳು ಪರಿಸರ ಸಂರಕ್ಷಣೆಯಲ್ಲಿ ತೊಡಗಬೇಕು. ಕಾಡು ನಾಶದಿಂದಾಗಿ ಪ್ರಾಣಿಗಳು ನಾಡಿಗೆ ಬರುತ್ತಿವೆ. ಪ್ರತಿಯೊಬ್ಬರೂ ಜವಾಬ್ದಾರಿಯಿಂದ ವರ್ತಿಸಬೇಕು ಎಂದು ಹೇಳಿದರು. ಕಾರ್ಯಕ್ರಮದಲ್ಲಿ ಪ್ರಾಂಶುಪಾಲರು, ಉಪನ್ಯಾಸಕರು ಹಾಗೂ ವಿದ್ಯಾರ್ಥಿಗಳು ಭಾಗವಹಿಸಿದ್ದರು.
ತರಬೇತಿ ಕಾರ್ಯಾಗಾರ
ಮೈಸೂರು: ಕರ್ನಾಟಕ ರಾಜ್ಯ ಅಭಿವೃದ್ಧಿ ನಿಗಮದ ನಿಯಮಿತ ವತಿಯಿಂದ, ಹಾಗೂ ಸಮಾಜ ಕಲ್ಯಾಣ ಇಲಾಖೆಯ ಇಂದಿರಾಗಾಂಧಿ ವೃತ್ತಿ ತರಬೇತಿ ಕೇಂದ್ರ, ಬೆಂಗಳೂರು ಇವರ ಸಹಯೋಗದೊಂದಿಗೆ ಉದ್ಯಮಶೀಲತಾ ತರಬೇತಿ ಕಾರ್ಯಾಗಾರ ಆಯೋಜಿಸಲಾಗಿದೆ. ಆಸಕ್ತರು banjarathanda.Karnataka.gov.in ನಲ್ಲಿ ನೋಂದಾಯಿಸಬಹುದು. ಮಾಹಿತಿಗೆ ಮೊ.ಸಂ: 8123590234, 9606443843, 9606443844 ಸಂಪರ್ಕಿಸಬಹುದು ಎಂದು ನಿಗಮದ ವ್ಯವಸ್ಥಾಪಕ ನಿರ್ದೇಶಕರು ತಿಳಿಸಿದ್ದಾರೆ.
